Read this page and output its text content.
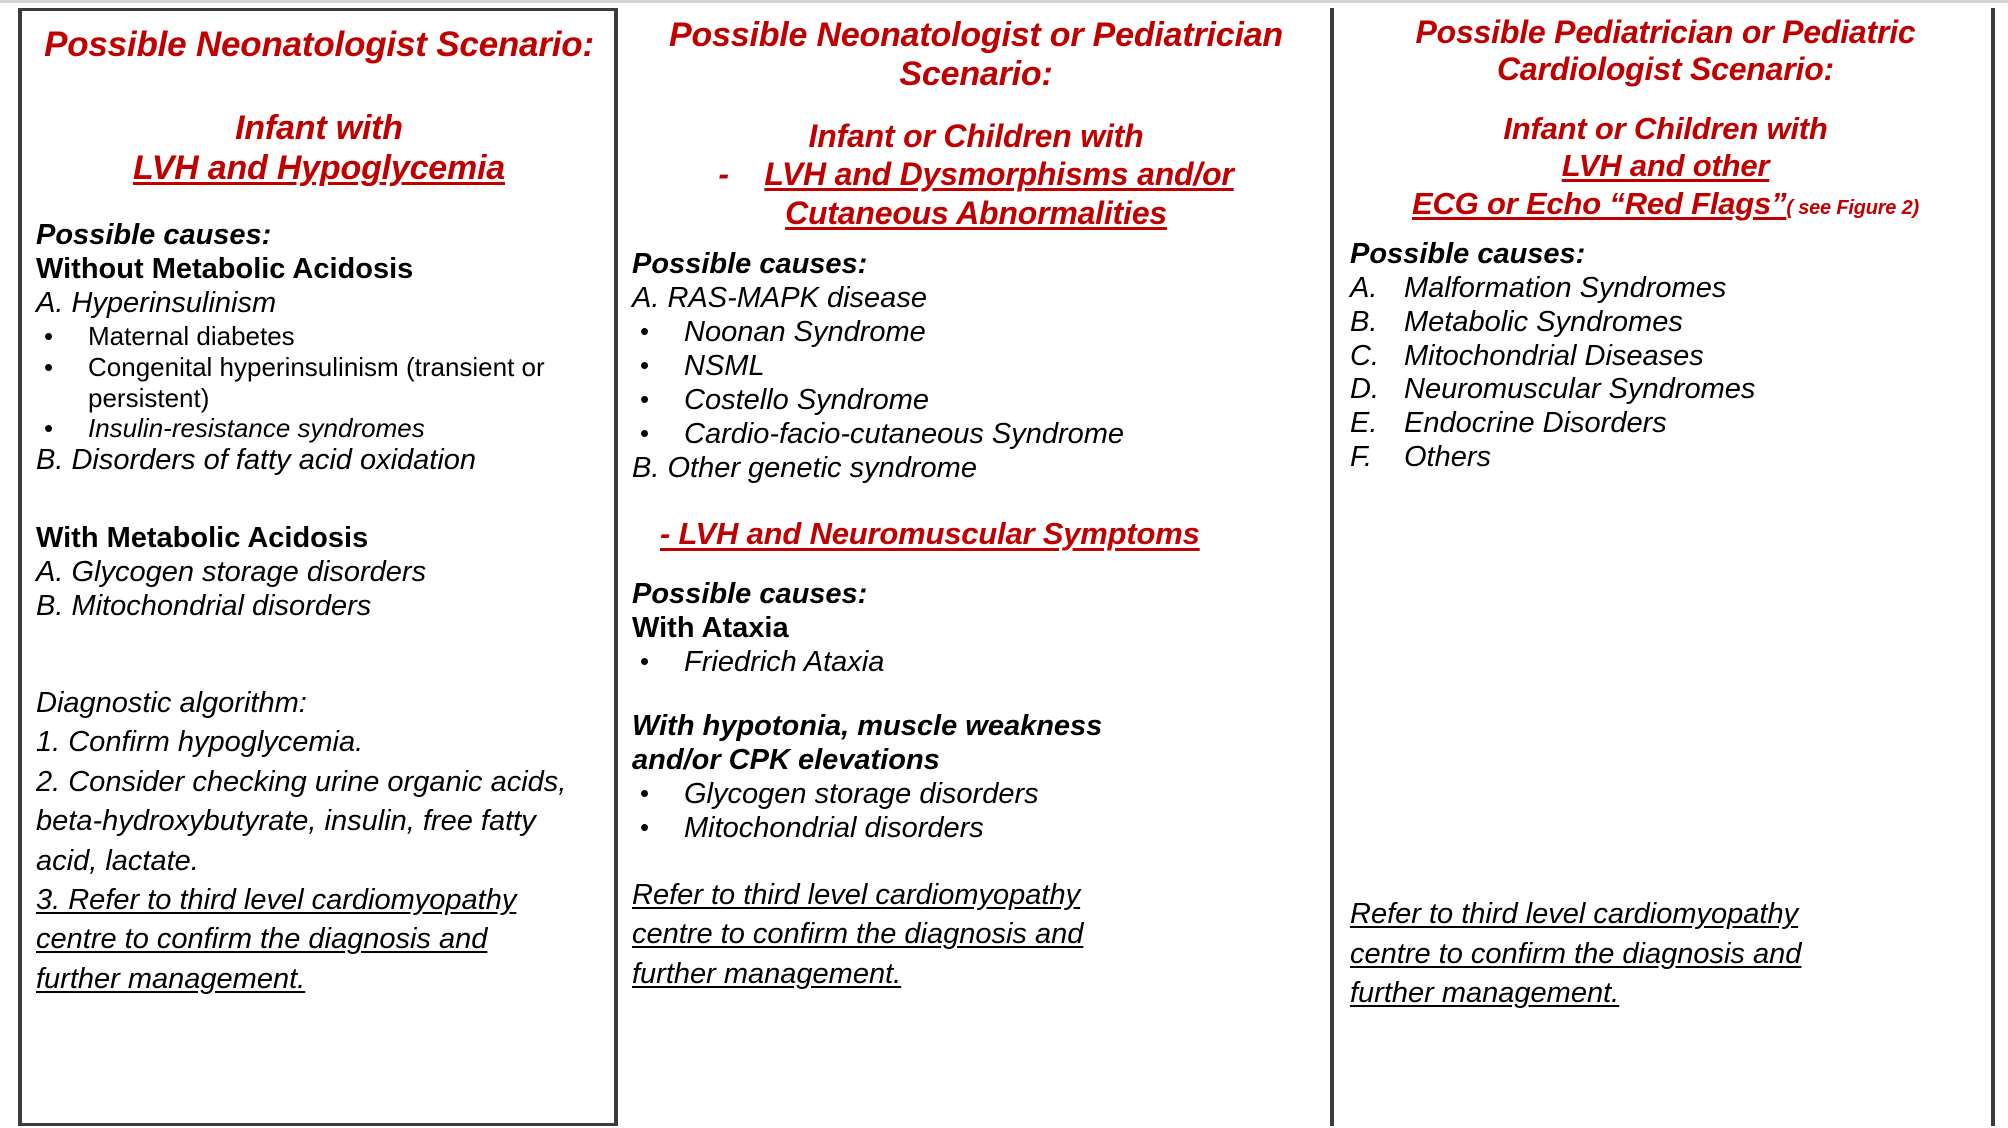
Possible Neonatologist Scenario:
Infant with
LVH and Hypoglycemia
Possible causes:
Without Metabolic Acidosis
A. Hyperinsulinism
•	Maternal diabetes
•	Congenital hyperinsulinism (transient or persistent)
•	Insulin-resistance syndromes
B. Disorders of fatty acid oxidation
With Metabolic Acidosis
A. Glycogen storage disorders
B. Mitochondrial disorders
Diagnostic algorithm:
1. Confirm hypoglycemia.
2. Consider checking urine organic acids,
beta-hydroxybutyrate, insulin, free fatty
acid, lactate.
3. Refer to third level cardiomyopathy
centre to confirm the diagnosis and
further management.
Possible Neonatologist or Pediatrician
Scenario:
Infant or Children with
- LVH and Dysmorphisms and/or
Cutaneous Abnormalities
Possible causes:
A. RAS-MAPK disease
•	Noonan Syndrome
•	NSML
•	Costello Syndrome
•	Cardio-facio-cutaneous Syndrome
B. Other genetic syndrome
- LVH and Neuromuscular Symptoms
Possible causes:
With Ataxia
•	Friedrich Ataxia
With hypotonia, muscle weakness
and/or CPK elevations
•	Glycogen storage disorders
•	Mitochondrial disorders
Refer to third level cardiomyopathy
centre to confirm the diagnosis and
further management.
Possible Pediatrician or Pediatric
Cardiologist Scenario:
Infant or Children with
LVH and other
ECG or Echo “Red Flags”( see Figure 2)
Possible causes:
A. Malformation Syndromes
B. Metabolic Syndromes
C. Mitochondrial Diseases
D. Neuromuscular Syndromes
E. Endocrine Disorders
F.	Others
Refer to third level cardiomyopathy
centre to confirm the diagnosis and
further management.
